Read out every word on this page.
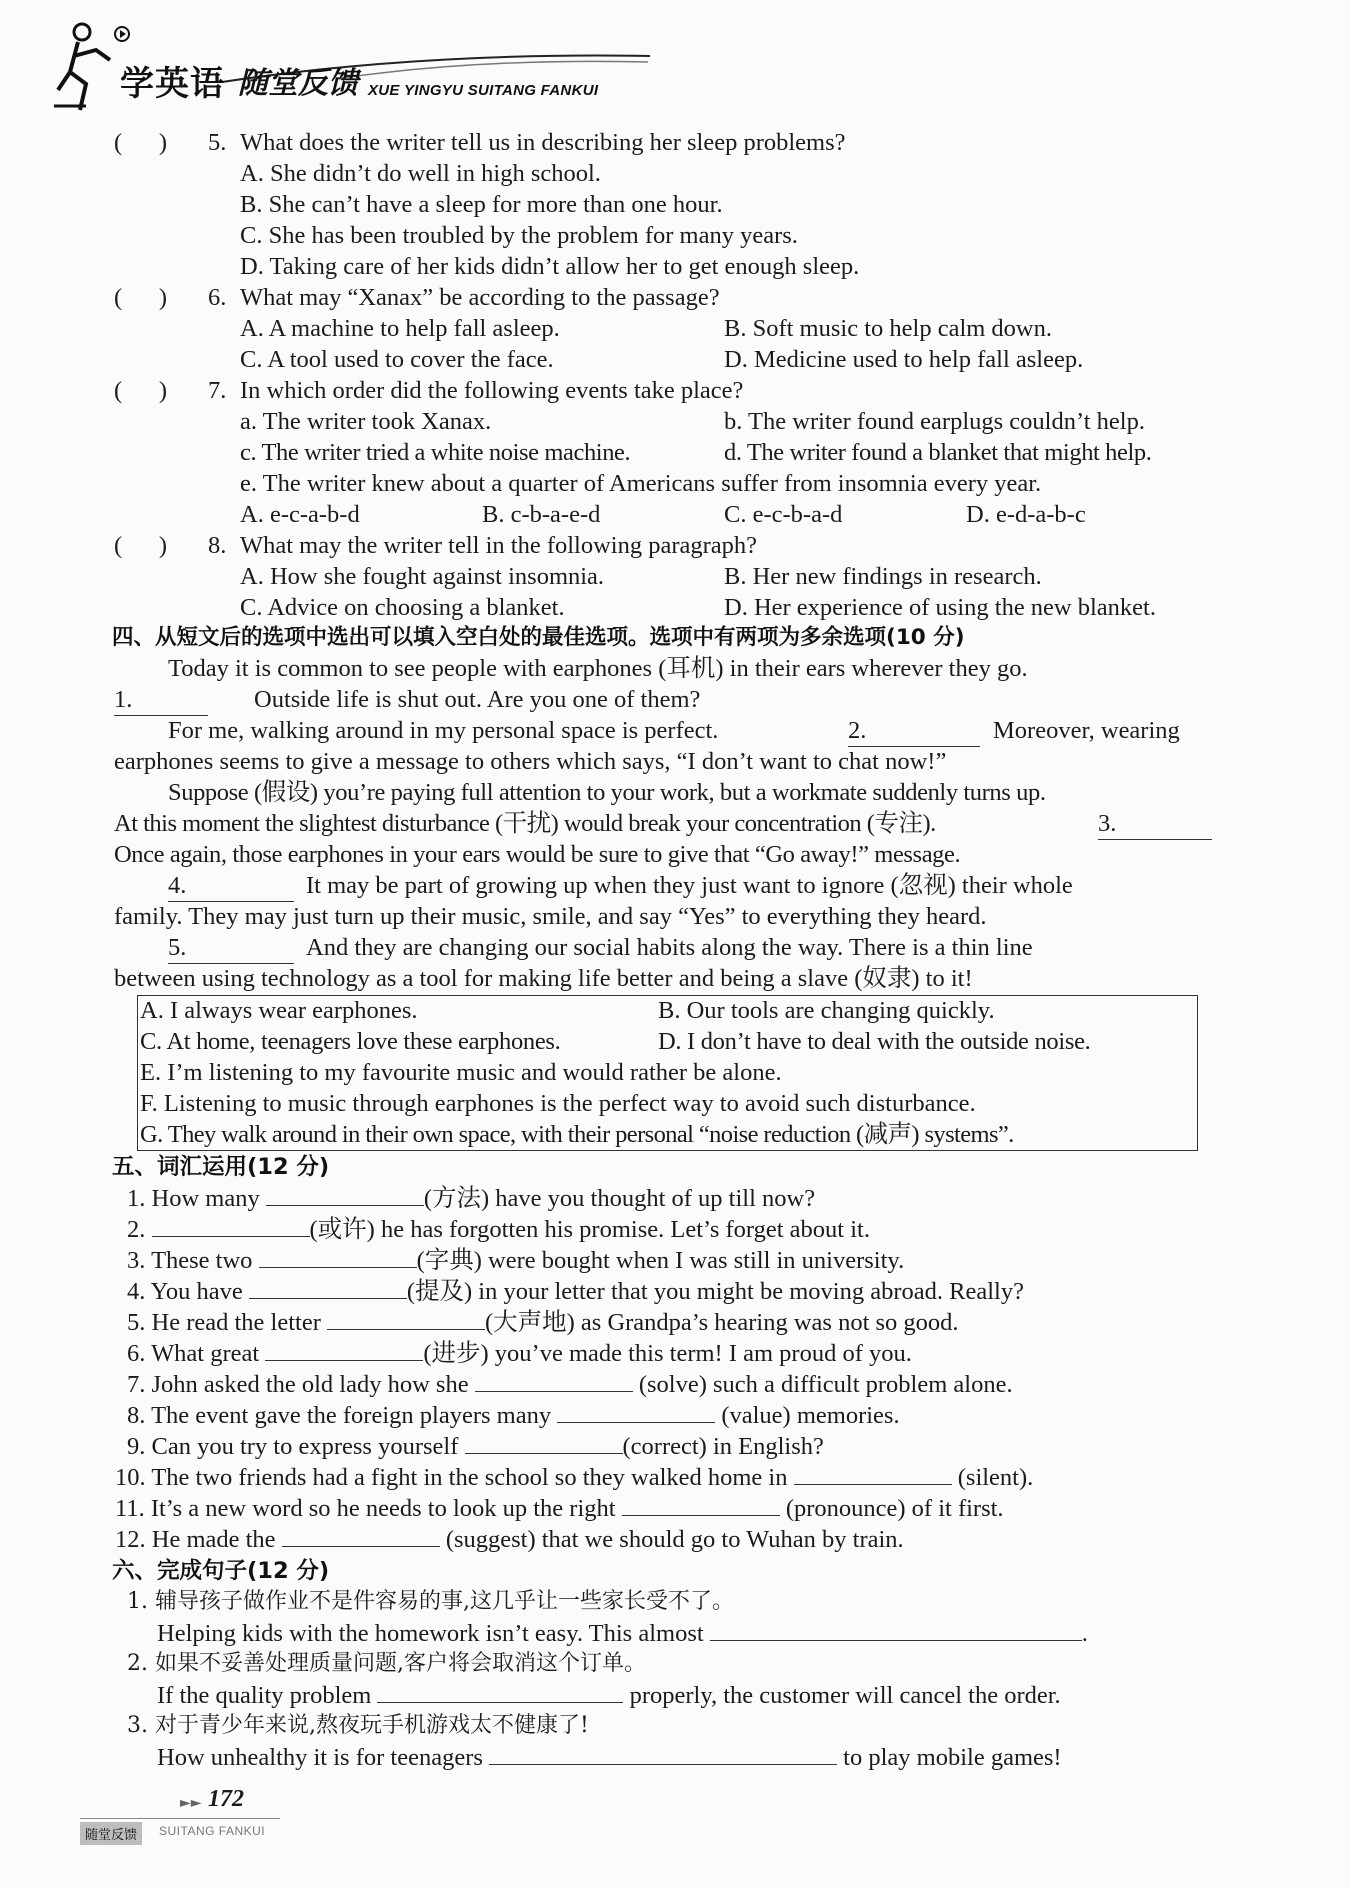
学英语 随堂反馈 XUE YINGYU SUITANG FANKUI
(      ) 5. What does the writer tell us in describing her sleep problems?
A. She didn’t do well in high school.
B. She can’t have a sleep for more than one hour.
C. She has been troubled by the problem for many years.
D. Taking care of her kids didn’t allow her to get enough sleep.
(      ) 6. What may “Xanax” be according to the passage?
A. A machine to help fall asleep.	B. Soft music to help calm down.
C. A tool used to cover the face.	D. Medicine used to help fall asleep.
(      ) 7. In which order did the following events take place?
a. The writer took Xanax.	b. The writer found earplugs couldn’t help.
c. The writer tried a white noise machine.	d. The writer found a blanket that might help.
e. The writer knew about a quarter of Americans suffer from insomnia every year.
A. e-c-a-b-d	B. c-b-a-e-d	C. e-c-b-a-d	D. e-d-a-b-c
(      ) 8. What may the writer tell in the following paragraph?
A. How she fought against insomnia.	B. Her new findings in research.
C. Advice on choosing a blanket.	D. Her experience of using the new blanket.
四、从短文后的选项中选出可以填入空白处的最佳选项。选项中有两项为多余选项(10 分)
Today it is common to see people with earphones (耳机) in their ears wherever they go.
1.	Outside life is shut out. Are you one of them?
For me, walking around in my personal space is perfect.	2.	Moreover, wearing
earphones seems to give a message to others which says, “I don’t want to chat now!”
Suppose (假设) you’re paying full attention to your work, but a workmate suddenly turns up.
At this moment the slightest disturbance (干扰) would break your concentration (专注).	3.
Once again, those earphones in your ears would be sure to give that “Go away!” message.
4.	It may be part of growing up when they just want to ignore (忽视) their whole
family. They may just turn up their music, smile, and say “Yes” to everything they heard.
5.	And they are changing our social habits along the way. There is a thin line
between using technology as a tool for making life better and being a slave (奴隶) to it!
A. I always wear earphones.	B. Our tools are changing quickly.
C. At home, teenagers love these earphones.	D. I don’t have to deal with the outside noise.
E. I’m listening to my favourite music and would rather be alone.
F. Listening to music through earphones is the perfect way to avoid such disturbance.
G. They walk around in their own space, with their personal “noise reduction (减声) systems”.
五、词汇运用(12 分)
1. How many	(方法) have you thought of up till now?
2.	(或许) he has forgotten his promise. Let’s forget about it.
3. These two	(字典) were bought when I was still in university.
4. You have	(提及) in your letter that you might be moving abroad. Really?
5. He read the letter	(大声地) as Grandpa’s hearing was not so good.
6. What great	(进步) you’ve made this term! I am proud of you.
7. John asked the old lady how she	(solve) such a difficult problem alone.
8. The event gave the foreign players many	(value) memories.
9. Can you try to express yourself	(correct) in English?
10. The two friends had a fight in the school so they walked home in	(silent).
11. It’s a new word so he needs to look up the right	(pronounce) of it first.
12. He made the	(suggest) that we should go to Wuhan by train.
六、完成句子(12 分)
1. 辅导孩子做作业不是件容易的事,这几乎让一些家长受不了。
Helping kids with the homework isn’t easy. This almost	.
2. 如果不妥善处理质量问题,客户将会取消这个订单。
If the quality problem	properly, the customer will cancel the order.
3. 对于青少年来说,熬夜玩手机游戏太不健康了!
How unhealthy it is for teenagers	to play mobile games!
►► 172
随堂反馈	SUITANG FANKUI
